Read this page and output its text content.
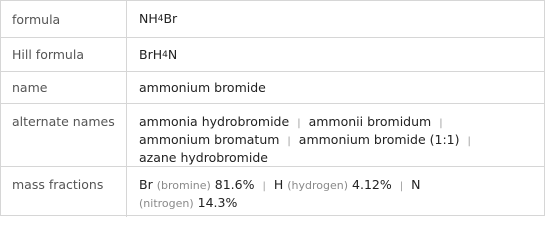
formula	NH 4 Br
Hill formula	BrH 4 N
name	ammonium bromide
alternate names	ammonia hydrobromide | ammonii bromidum |
ammonium bromatum | ammonium bromide (1:1) |
azane hydrobromide
mass fractions	Br (bromine) 81.6% | H (hydrogen) 4.12% | N
(nitrogen) 14.3%
